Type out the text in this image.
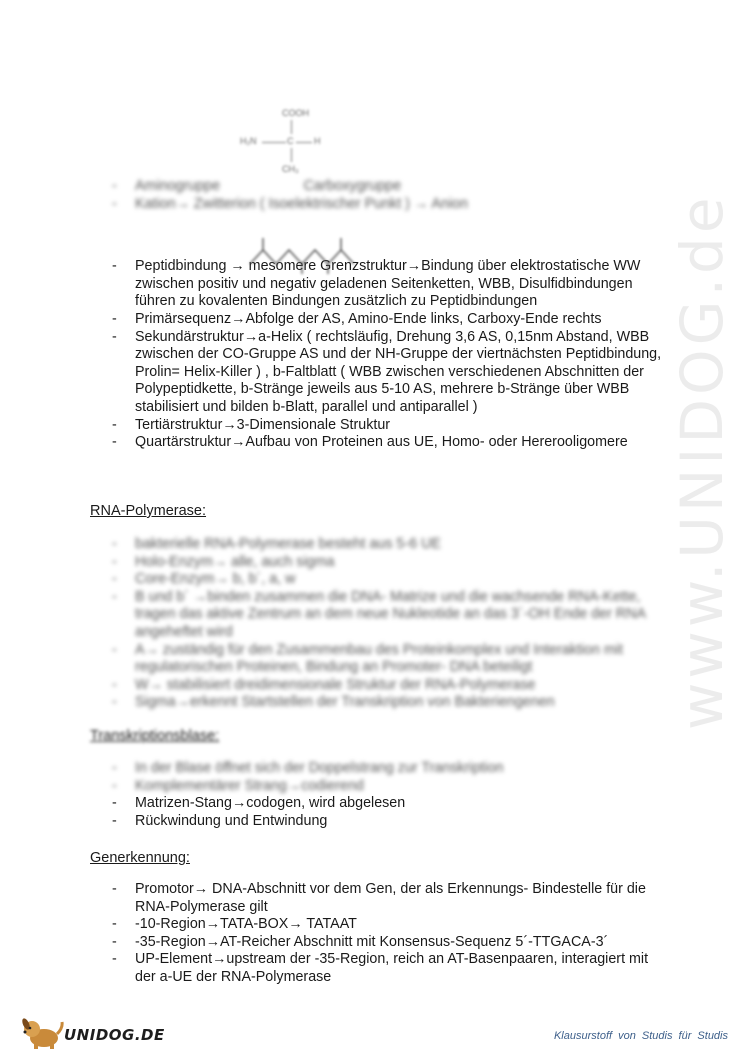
www.UNIDOG.de
COOH
H₂N	C H
CH₃
- Aminogruppe                     Carboxygruppe
- Kation→ Zwitterion ( Isoelektrischer Punkt ) → Anion
- Peptidbindung → mesomere Grenzstruktur→Bindung über elektrostatische WW zwischen positiv und negativ geladenen Seitenketten, WBB, Disulfidbindungen führen zu kovalenten Bindungen zusätzlich zu Peptidbindungen
- Primärsequenz→Abfolge der AS, Amino-Ende links, Carboxy-Ende rechts
- Sekundärstruktur→a-Helix ( rechtsläufig, Drehung 3,6 AS, 0,15nm Abstand, WBB zwischen der CO-Gruppe AS und der NH-Gruppe der viertnächsten Peptidbindung, Prolin= Helix-Killer ) , b-Faltblatt ( WBB zwischen verschiedenen Abschnitten der Polypeptidkette, b-Stränge jeweils aus 5-10 AS, mehrere b-Stränge über WBB stabilisiert und bilden b-Blatt, parallel und antiparallel )
- Tertiärstruktur→3-Dimensionale Struktur
- Quartärstruktur→Aufbau von Proteinen aus UE, Homo- oder Hererooligomere
RNA-Polymerase:
- bakterielle RNA-Polymerase besteht aus 5-6 UE
- Holo-Enzym→ alle, auch sigma
- Core-Enzym→ b, b´, a, w
- B und b´ →binden zusammen die DNA- Matrize und die wachsende RNA-Kette, tragen das aktive Zentrum an dem neue Nukleotide an das 3´-OH Ende der RNA angeheftet wird
- A→ zuständig für den Zusammenbau des Proteinkomplex und Interaktion mit regulatorischen Proteinen, Bindung an Promoter- DNA beteiligt
- W→ stabilisiert dreidimensionale Struktur der RNA-Polymerase
- Sigma→erkennt Startstellen der Transkription von Bakteriengenen
Transkriptionsblase:
- In der Blase öffnet sich der Doppelstrang zur Transkription
- Komplementärer Strang→codierend
- Matrizen-Stang→codogen, wird abgelesen
- Rückwindung und Entwindung
Generkennung:
- Promotor→ DNA-Abschnitt vor dem Gen, der als Erkennungs- Bindestelle für die RNA-Polymerase gilt
- -10-Region→TATA-BOX→ TATAAT
- -35-Region→AT-Reicher Abschnitt mit Konsensus-Sequenz 5´-TTGACA-3´
- UP-Element→upstream der -35-Region, reich an AT-Basenpaaren, interagiert mit der a-UE der RNA-Polymerase
UNIDOG.DE	Klausurstoff von Studis für Studis
